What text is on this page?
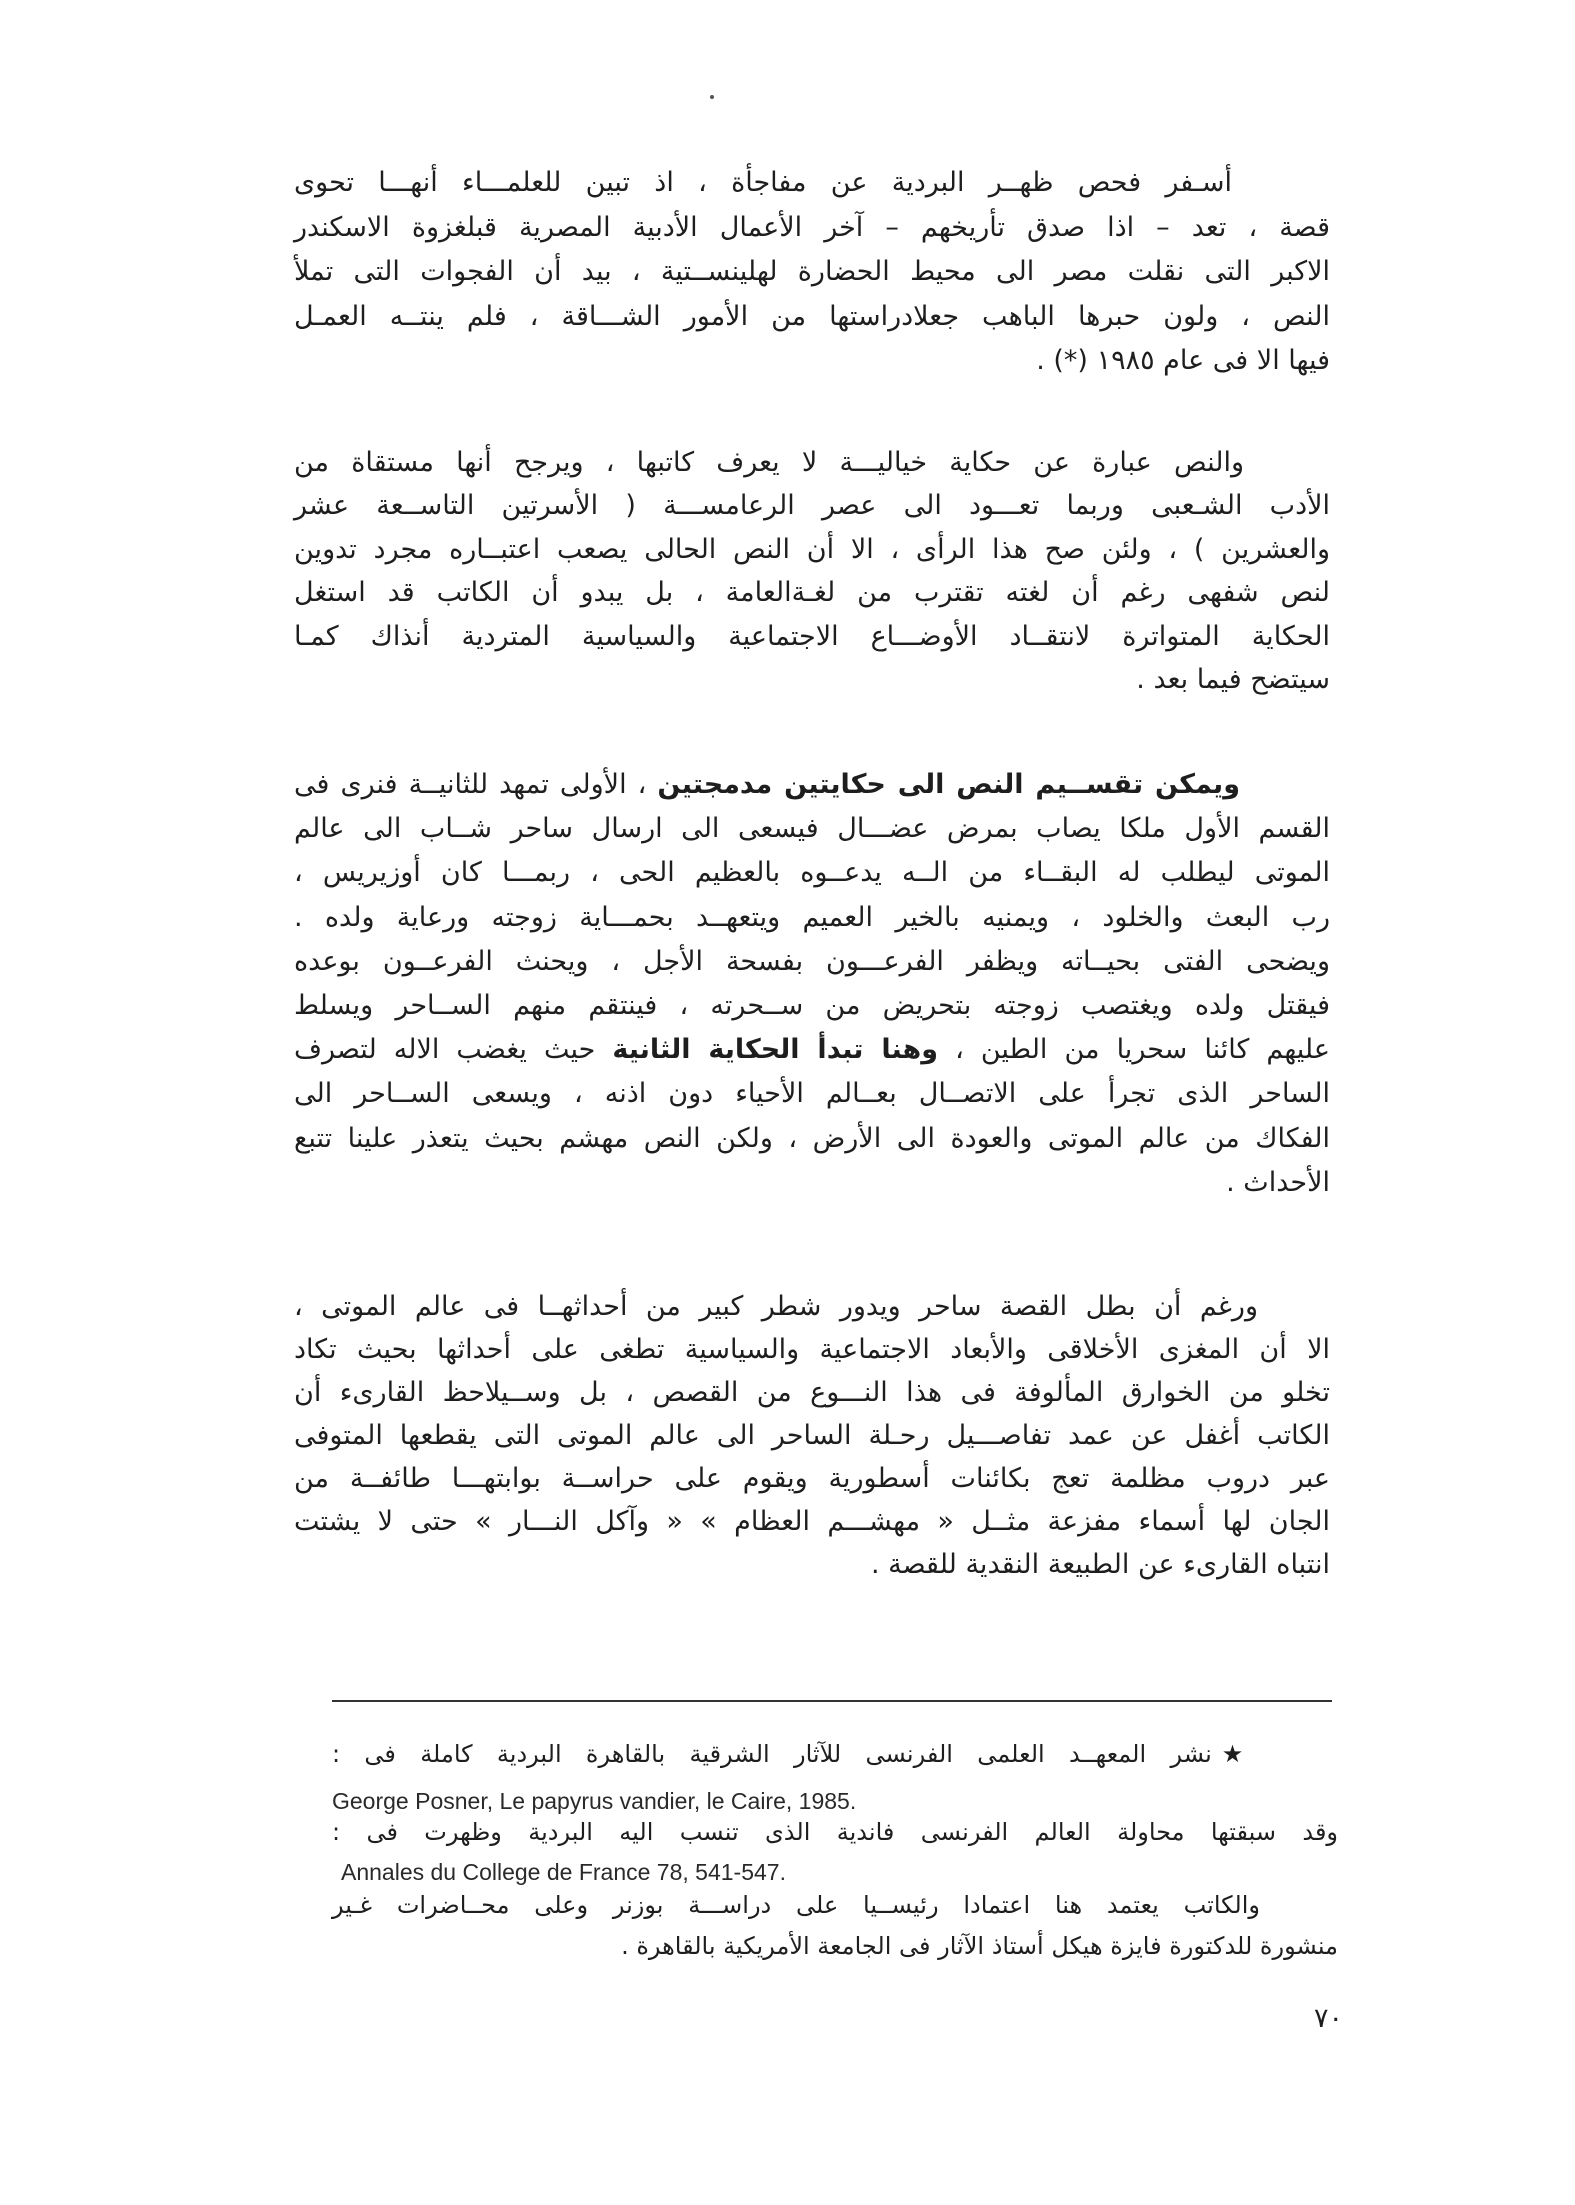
أسـفر فحص ظهــر البردية عن مفاجأة ، اذ تبين للعلمـــاء أنهـــا تحوى
قصة ، تعد – اذا صدق تأريخهم – آخر الأعمال الأدبية المصرية قبلغزوة الاسكندر
الاكبر التى نقلت مصر الى محيط الحضارة لهلينســتية ، بيد أن الفجوات التى تملأ
النص ، ولون حبرها الباهب جعلادراستها من الأمور الشـــاقة ، فلم ينتــه العمـل
فيها الا فى عام ١٩٨٥ (*) .
والنص عبارة عن حكاية خياليـــة لا يعرف كاتبها ، ويرجح أنها مستقاة من
الأدب الشـعبى وربما تعـــود الى عصر الرعامســـة ( الأسرتين التاســعة عشر
والعشرين ) ، ولئن صح هذا الرأى ، الا أن النص الحالى يصعب اعتبــاره مجرد تدوين
لنص شفهى رغم أن لغته تقترب من لغـةالعامة ، بل يبدو أن الكاتب قد استغل
الحكاية المتواترة لانتقــاد الأوضـــاع الاجتماعية والسياسية المتردية أنذاك كمـا
سيتضح فيما بعد .
ويمكن تقســيم النص الى حكايتين مدمجتين ، الأولى تمهد للثانيــة فنرى فى
القسم الأول ملكا يصاب بمرض عضـــال فيسعى الى ارسال ساحر شــاب الى عالم
الموتى ليطلب له البقــاء من الــه يدعــوه بالعظيم الحى ، ربمـــا كان أوزيريس ،
رب البعث والخلود ، ويمنيه بالخير العميم ويتعهــد بحمـــاية زوجته ورعاية ولده .
ويضحى الفتى بحيــاته ويظفر الفرعـــون بفسحة الأجل ، ويحنث الفرعــون بوعده
فيقتل ولده ويغتصب زوجته بتحريض من ســحرته ، فينتقم منهم الســاحر ويسلط
عليهم كائنا سحريا من الطين ، وهنا تبدأ الحكاية الثانية حيث يغضب الاله لتصرف
الساحر الذى تجرأ على الاتصــال بعــالم الأحياء دون اذنه ، ويسعى الســاحر الى
الفكاك من عالم الموتى والعودة الى الأرض ، ولكن النص مهشم بحيث يتعذر علينا تتبع
الأحداث .
ورغم أن بطل القصة ساحر ويدور شطر كبير من أحداثهــا فى عالم الموتى ،
الا أن المغزى الأخلاقى والأبعاد الاجتماعية والسياسية تطغى على أحداثها بحيث تكاد
تخلو من الخوارق المألوفة فى هذا النـــوع من القصص ، بل وســيلاحظ القارىء أن
الكاتب أغفل عن عمد تفاصـــيل رحـلة الساحر الى عالم الموتى التى يقطعها المتوفى
عبر دروب مظلمة تعج بكائنات أسطورية ويقوم على حراســة بوابتهـــا طائفــة من
الجان لها أسماء مفزعة مثــل « مهشـــم العظام » « وآكل النـــار » حتى لا يشتت
انتباه القارىء عن الطبيعة النقدية للقصة .
★نشر المعهــد العلمى الفرنسى للآثار الشرقية بالقاهرة البردية كاملة فى :
George Posner, Le papyrus vandier, le Caire, 1985.
وقد سبقتها محاولة العالم الفرنسى فاندية الذى تنسب اليه البردية وظهرت فى :
Annales du College de France 78, 541-547.
والكاتب يعتمد هنا اعتمادا رئيســيا على دراســـة بوزنر وعلى محــاضرات غـير
منشورة للدكتورة فايزة هيكل أستاذ الآثار فى الجامعة الأمريكية بالقاهرة .
٧٠
